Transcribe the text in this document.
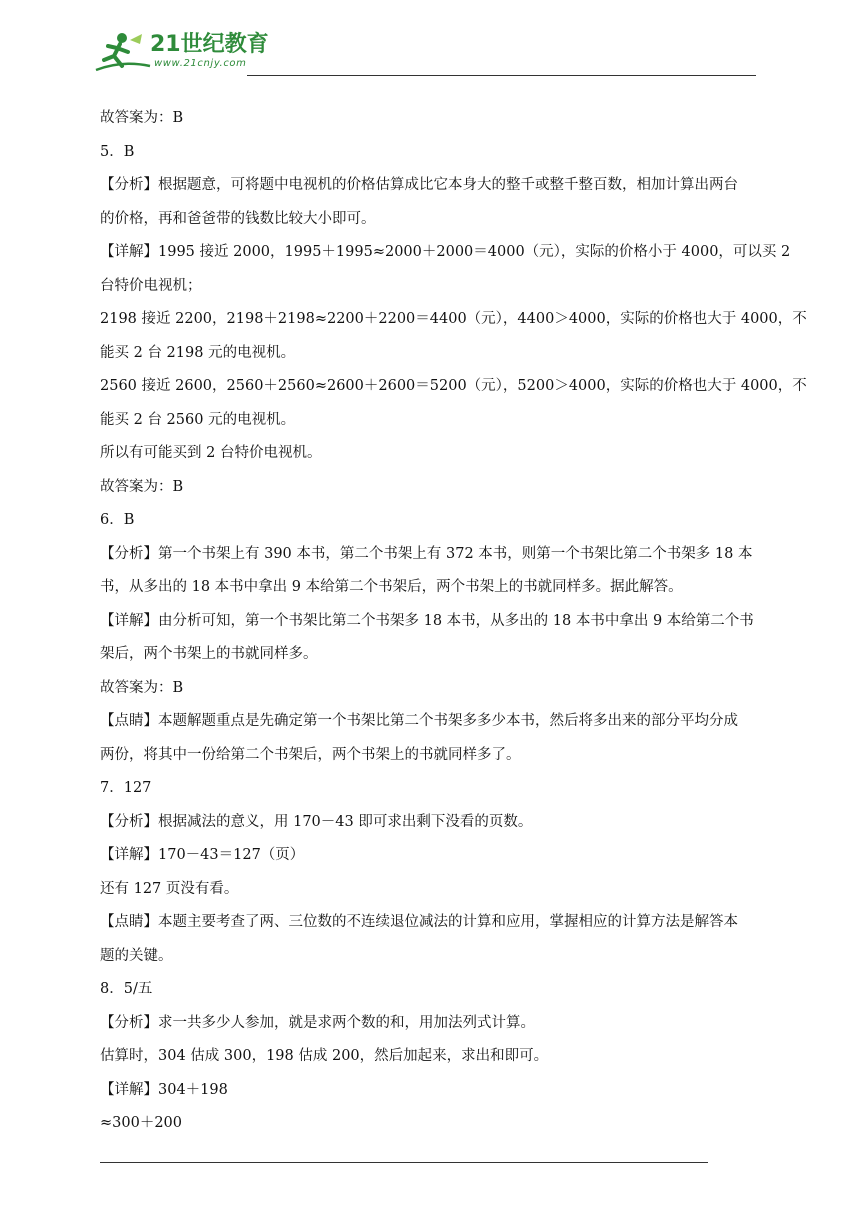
21世纪教育
www.21cnjy.com
故答案为：B
5．B
【分析】根据题意，可将题中电视机的价格估算成比它本身大的整千或整千整百数，相加计算出两台
的价格，再和爸爸带的钱数比较大小即可。
【详解】1995 接近 2000，1995＋1995≈2000＋2000＝4000（元），实际的价格小于 4000，可以买 2
台特价电视机；
2198 接近 2200，2198＋2198≈2200＋2200＝4400（元），4400＞4000，实际的价格也大于 4000，不
能买 2 台 2198 元的电视机。
2560 接近 2600，2560＋2560≈2600＋2600＝5200（元），5200＞4000，实际的价格也大于 4000，不
能买 2 台 2560 元的电视机。
所以有可能买到 2 台特价电视机。
故答案为：B
6．B
【分析】第一个书架上有 390 本书，第二个书架上有 372 本书，则第一个书架比第二个书架多 18 本
书，从多出的 18 本书中拿出 9 本给第二个书架后，两个书架上的书就同样多。据此解答。
【详解】由分析可知，第一个书架比第二个书架多 18 本书，从多出的 18 本书中拿出 9 本给第二个书
架后，两个书架上的书就同样多。
故答案为：B
【点睛】本题解题重点是先确定第一个书架比第二个书架多多少本书，然后将多出来的部分平均分成
两份，将其中一份给第二个书架后，两个书架上的书就同样多了。
7．127
【分析】根据减法的意义，用 170－43 即可求出剩下没看的页数。
【详解】170－43＝127（页）
还有 127 页没有看。
【点睛】本题主要考查了两、三位数的不连续退位减法的计算和应用，掌握相应的计算方法是解答本
题的关键。
8．5/五
【分析】求一共多少人参加，就是求两个数的和，用加法列式计算。
估算时，304 估成 300，198 估成 200，然后加起来，求出和即可。
【详解】304＋198
≈300＋200
